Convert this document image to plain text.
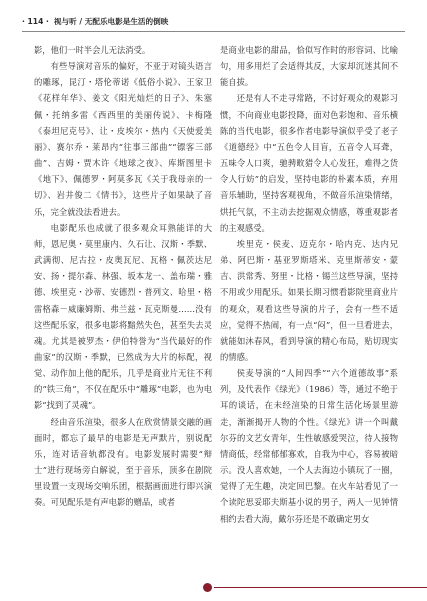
· 114 · 视与听 / 无配乐电影是生活的倒映

影，他们一时半会儿无法消受。

有些导演对音乐的偏好，不亚于对镜头语言的雕琢，昆汀・塔伦蒂诺《低俗小说》、王家卫《花样年华》、姜文《阳光灿烂的日子》、朱塞佩・托纳多雷《西西里的美丽传说》、卡梅隆《泰坦尼克号》、让・皮埃尔・热内《天使爱美丽》、赛尔乔・莱昂内“往事三部曲”“镖客三部曲”、吉姆・贾木许《地球之夜》、库斯图里卡《地下》、佩德罗・阿莫多瓦《关于我母亲的一切》、岩井俊二《情书》，这些片子如果缺了音乐，完全就没法看进去。

电影配乐也成就了很多观众耳熟能详的大师，恩尼奥・莫里康内、久石让、汉斯・季默、武满彻、尼古拉・皮奥瓦尼、瓦格・佩茨达尼安、扬・提尔森、林强、坂本龙一、盖布瑞・雅德、埃里克・沙蒂、安德烈・普列文、哈里・格雷格森－威廉姆斯、弗兰兹・瓦克斯曼……没有这些配乐家，很多电影将黯然失色，甚至失去灵魂。尤其是被罗杰・伊伯特誉为“当代最好的作曲家”的汉斯・季默，已然成为大片的标配，视觉、动作加上他的配乐，几乎是商业片无往不利的“铁三角”，不仅在配乐中“雕琢”电影，也为电影“找到了灵魂”。

经由音乐渲染，很多人在欣赏情景交融的画面时，都忘了最早的电影是无声默片，别说配乐，连对话音轨都没有。电影发展时需要“辩士”进行现场旁白解说，至于音乐，顶多在剧院里设置一支现场交响乐团，根据画面进行即兴演奏。可见配乐是有声电影的赠品，或者

是商业电影的甜品，恰似写作时的形容词、比喻句，用多用烂了会适得其反，大家却沉迷其间不能自拔。

还是有人不走寻常路，不讨好观众的观影习惯，不向商业电影投降，面对色彩饱和、音乐横陈的当代电影，很多作者电影导演似乎受了老子《道德经》中“五色令人目盲，五音令人耳聋，五味令人口爽，驰骋畋猎令人心发狂，难得之货令人行妨”的启发，坚持电影的朴素本质，弃用音乐辅助，坚持客观视角，不做音乐渲染情绪，烘托气氛，不主动去挖掘观众情感，尊重观影者的主观感受。

埃里克・侯麦、迈克尔・哈内克、达内兄弟、阿巴斯・基亚罗斯塔米、克里斯蒂安・蒙吉、洪常秀、努里・比格・锡兰这些导演，坚持不用或少用配乐。如果长期习惯看影院里商业片的观众，观看这些导演的片子，会有一些不适应，觉得不热闹，有一点“闷”，但一旦看进去，就能如沐春风，看到导演的精心布局，贴切现实的情感。

侯麦导演的“人间四季”“六个道德故事”系列，及代表作《绿光》（1986）等，通过不绝于耳的谈话，在未经渲染的日常生活化场景里游走，渐渐揭开人物的个性。《绿光》讲一个叫戴尔芬的文艺女青年，生性敏感爱哭泣，待人接物情商低，经常郁郁寡欢，自我为中心，容易被暗示。没人喜欢她，一个人去海边小镇玩了一圈，觉得了无生趣，决定回巴黎。在火车站看见了一个读陀思妥耶夫斯基小说的男子，两人一见钟情相约去看大海，戴尔芬还是不敢确定男女
